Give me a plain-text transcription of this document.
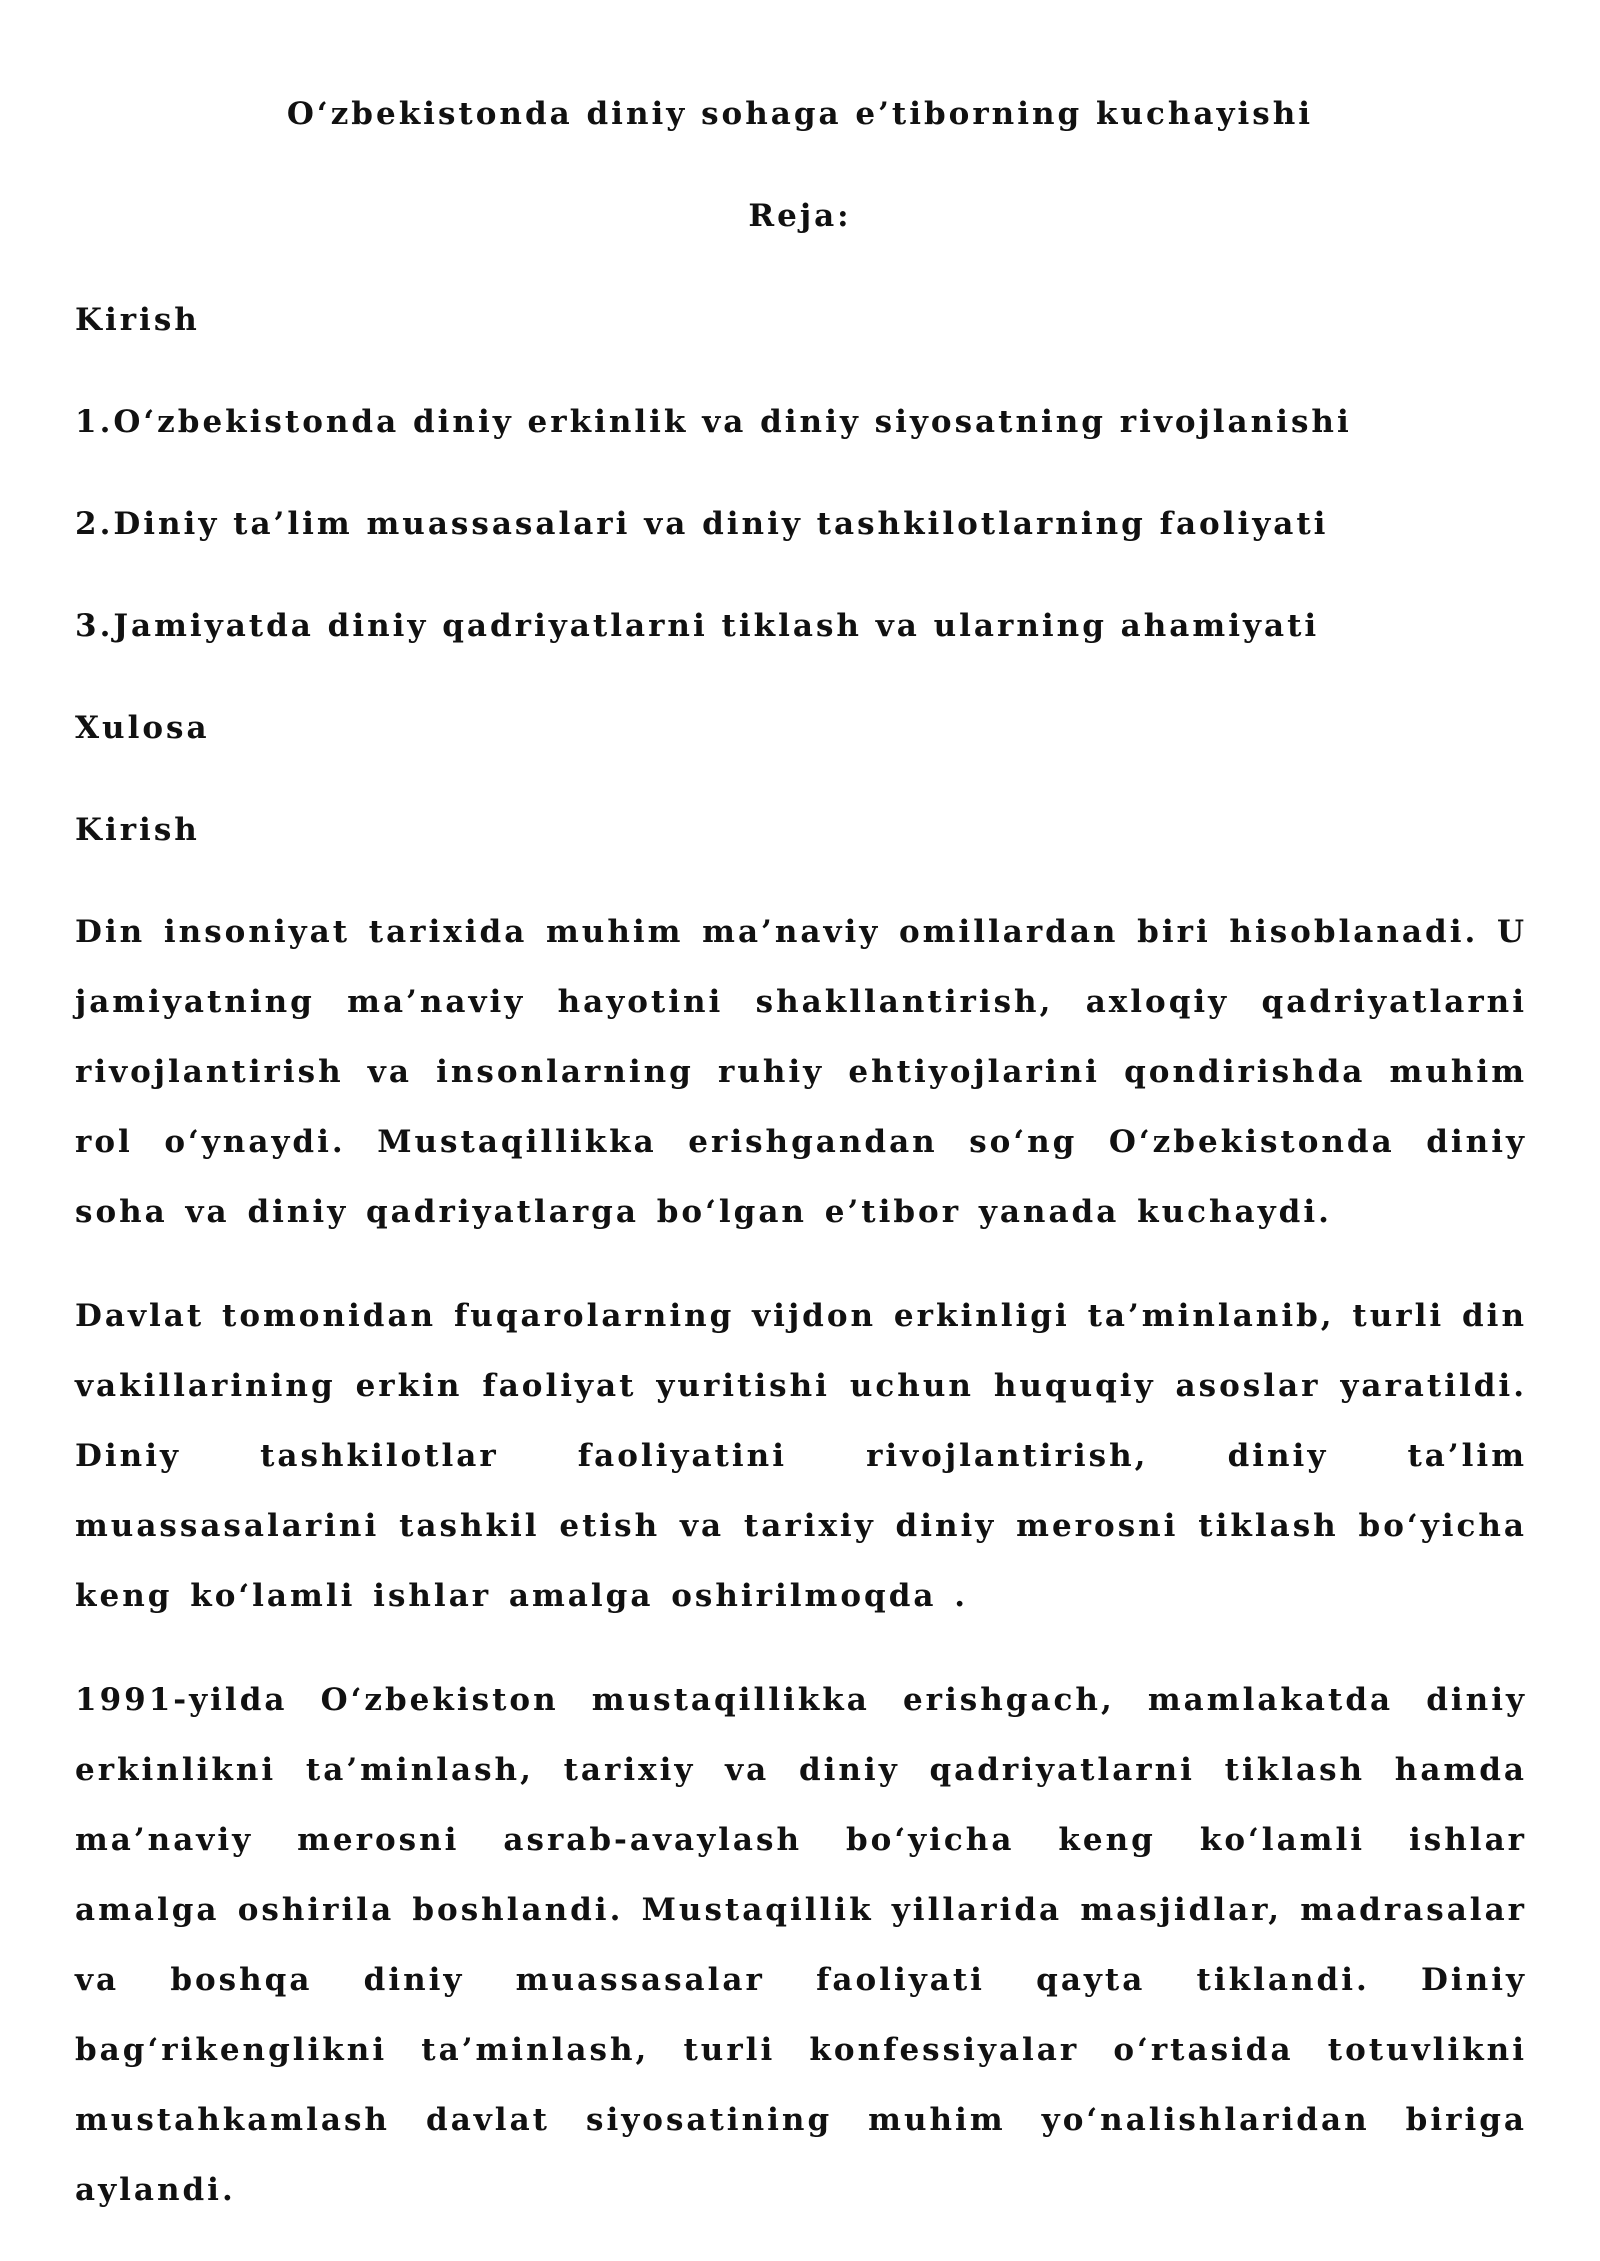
O‘zbekistonda diniy sohaga e’tiborning kuchayishi
Reja:
Kirish
1.O‘zbekistonda diniy erkinlik va diniy siyosatning rivojlanishi
2.Diniy ta’lim muassasalari va diniy tashkilotlarning faoliyati
3.Jamiyatda diniy qadriyatlarni tiklash va ularning ahamiyati
Xulosa
Kirish
Din insoniyat tarixida muhim ma’naviy omillardan biri hisoblanadi. U jamiyatning ma’naviy hayotini shakllantirish, axloqiy qadriyatlarni rivojlantirish va insonlarning ruhiy ehtiyojlarini qondirishda muhim rol o‘ynaydi. Mustaqillikka erishgandan so‘ng O‘zbekistonda diniy soha va diniy qadriyatlarga bo‘lgan e’tibor yanada kuchaydi.
Davlat tomonidan fuqarolarning vijdon erkinligi ta’minlanib, turli din vakillarining erkin faoliyat yuritishi uchun huquqiy asoslar yaratildi. Diniy tashkilotlar faoliyatini rivojlantirish, diniy ta’lim muassasalarini tashkil etish va tarixiy diniy merosni tiklash bo‘yicha keng ko‘lamli ishlar amalga oshirilmoqda .
1991-yilda O‘zbekiston mustaqillikka erishgach, mamlakatda diniy erkinlikni ta’minlash, tarixiy va diniy qadriyatlarni tiklash hamda ma’naviy merosni asrab-avaylash bo‘yicha keng ko‘lamli ishlar amalga oshirila boshlandi. Mustaqillik yillarida masjidlar, madrasalar va boshqa diniy muassasalar faoliyati qayta tiklandi. Diniy bag‘rikenglikni ta’minlash, turli konfessiyalar o‘rtasida totuvlikni mustahkamlash davlat siyosatining muhim yo‘nalishlaridan biriga aylandi.
